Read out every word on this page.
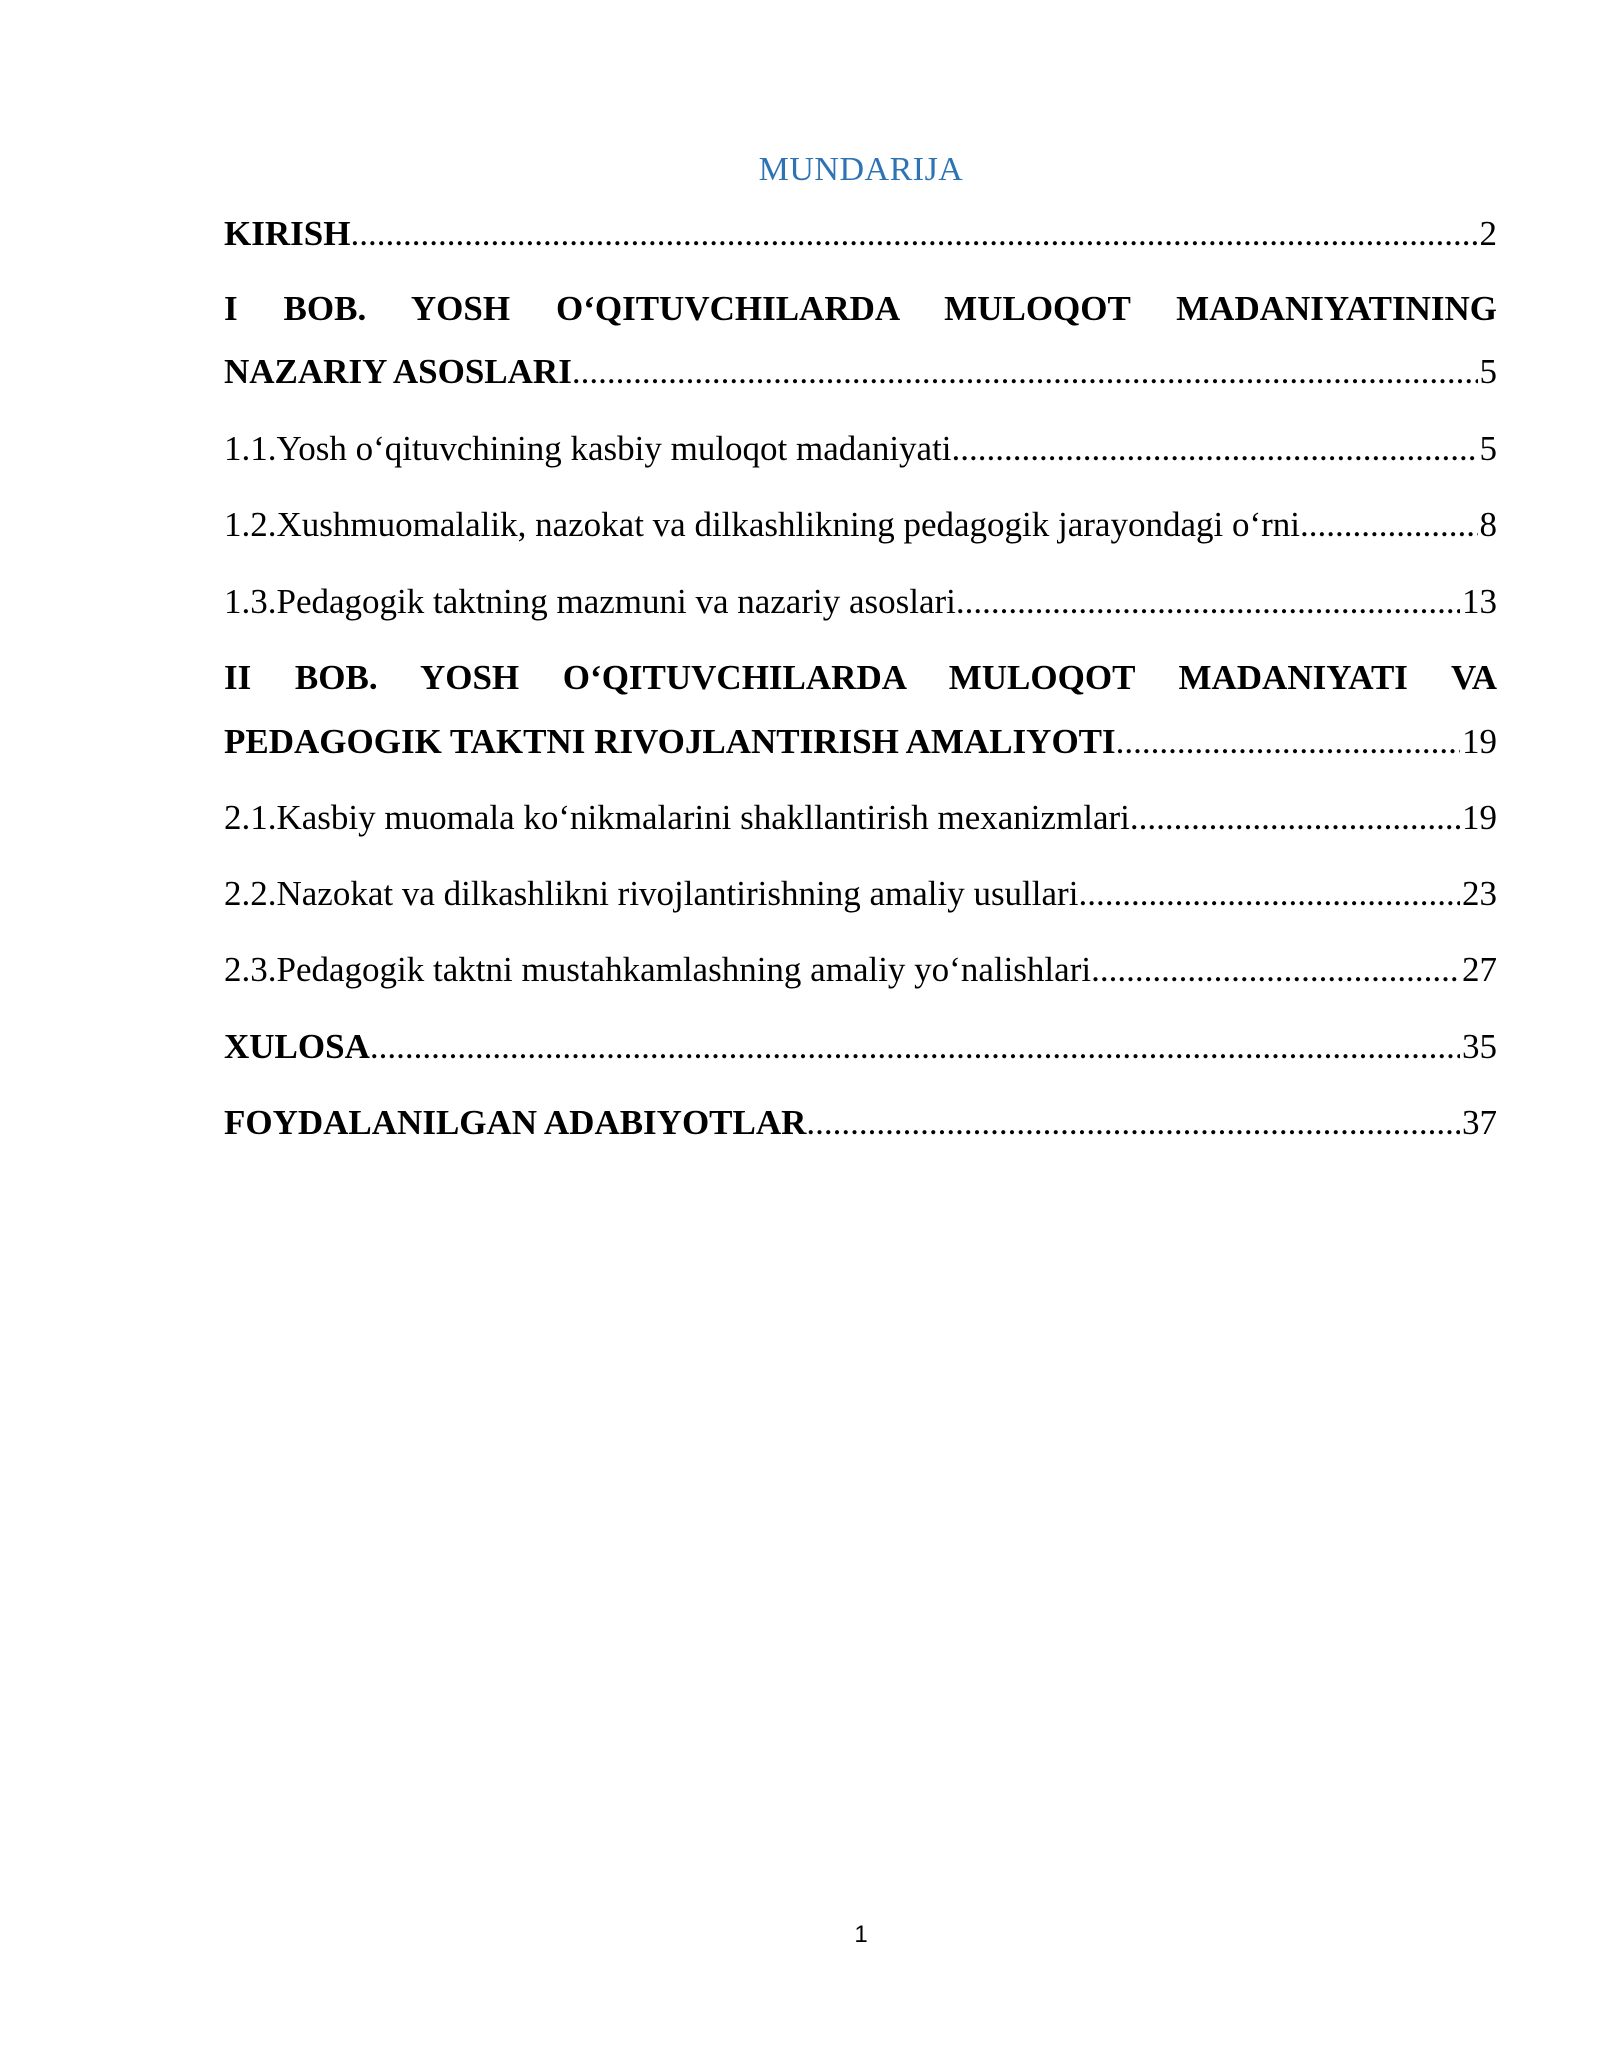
MUNDARIJA
KIRISH .....	2
I BOB. YOSH O‘QITUVCHILARDA MULOQOT MADANIYATINING
NAZARIY ASOSLARI .....	5
1.1.Yosh o‘qituvchining kasbiy muloqot madaniyati .....	5
1.2.Xushmuomalalik, nazokat va dilkashlikning pedagogik jarayondagi o‘rni .....	8
1.3.Pedagogik taktning mazmuni va nazariy asoslari .....	13
II BOB. YOSH O‘QITUVCHILARDA MULOQOT MADANIYATI VA
PEDAGOGIK TAKTNI RIVOJLANTIRISH AMALIYOTI .....	19
2.1.Kasbiy muomala ko‘nikmalarini shakllantirish mexanizmlari .....	19
2.2.Nazokat va dilkashlikni rivojlantirishning amaliy usullari .....	23
2.3.Pedagogik taktni mustahkamlashning amaliy yo‘nalishlari .....	27
XULOSA .....	35
FOYDALANILGAN ADABIYOTLAR .....	37
1
